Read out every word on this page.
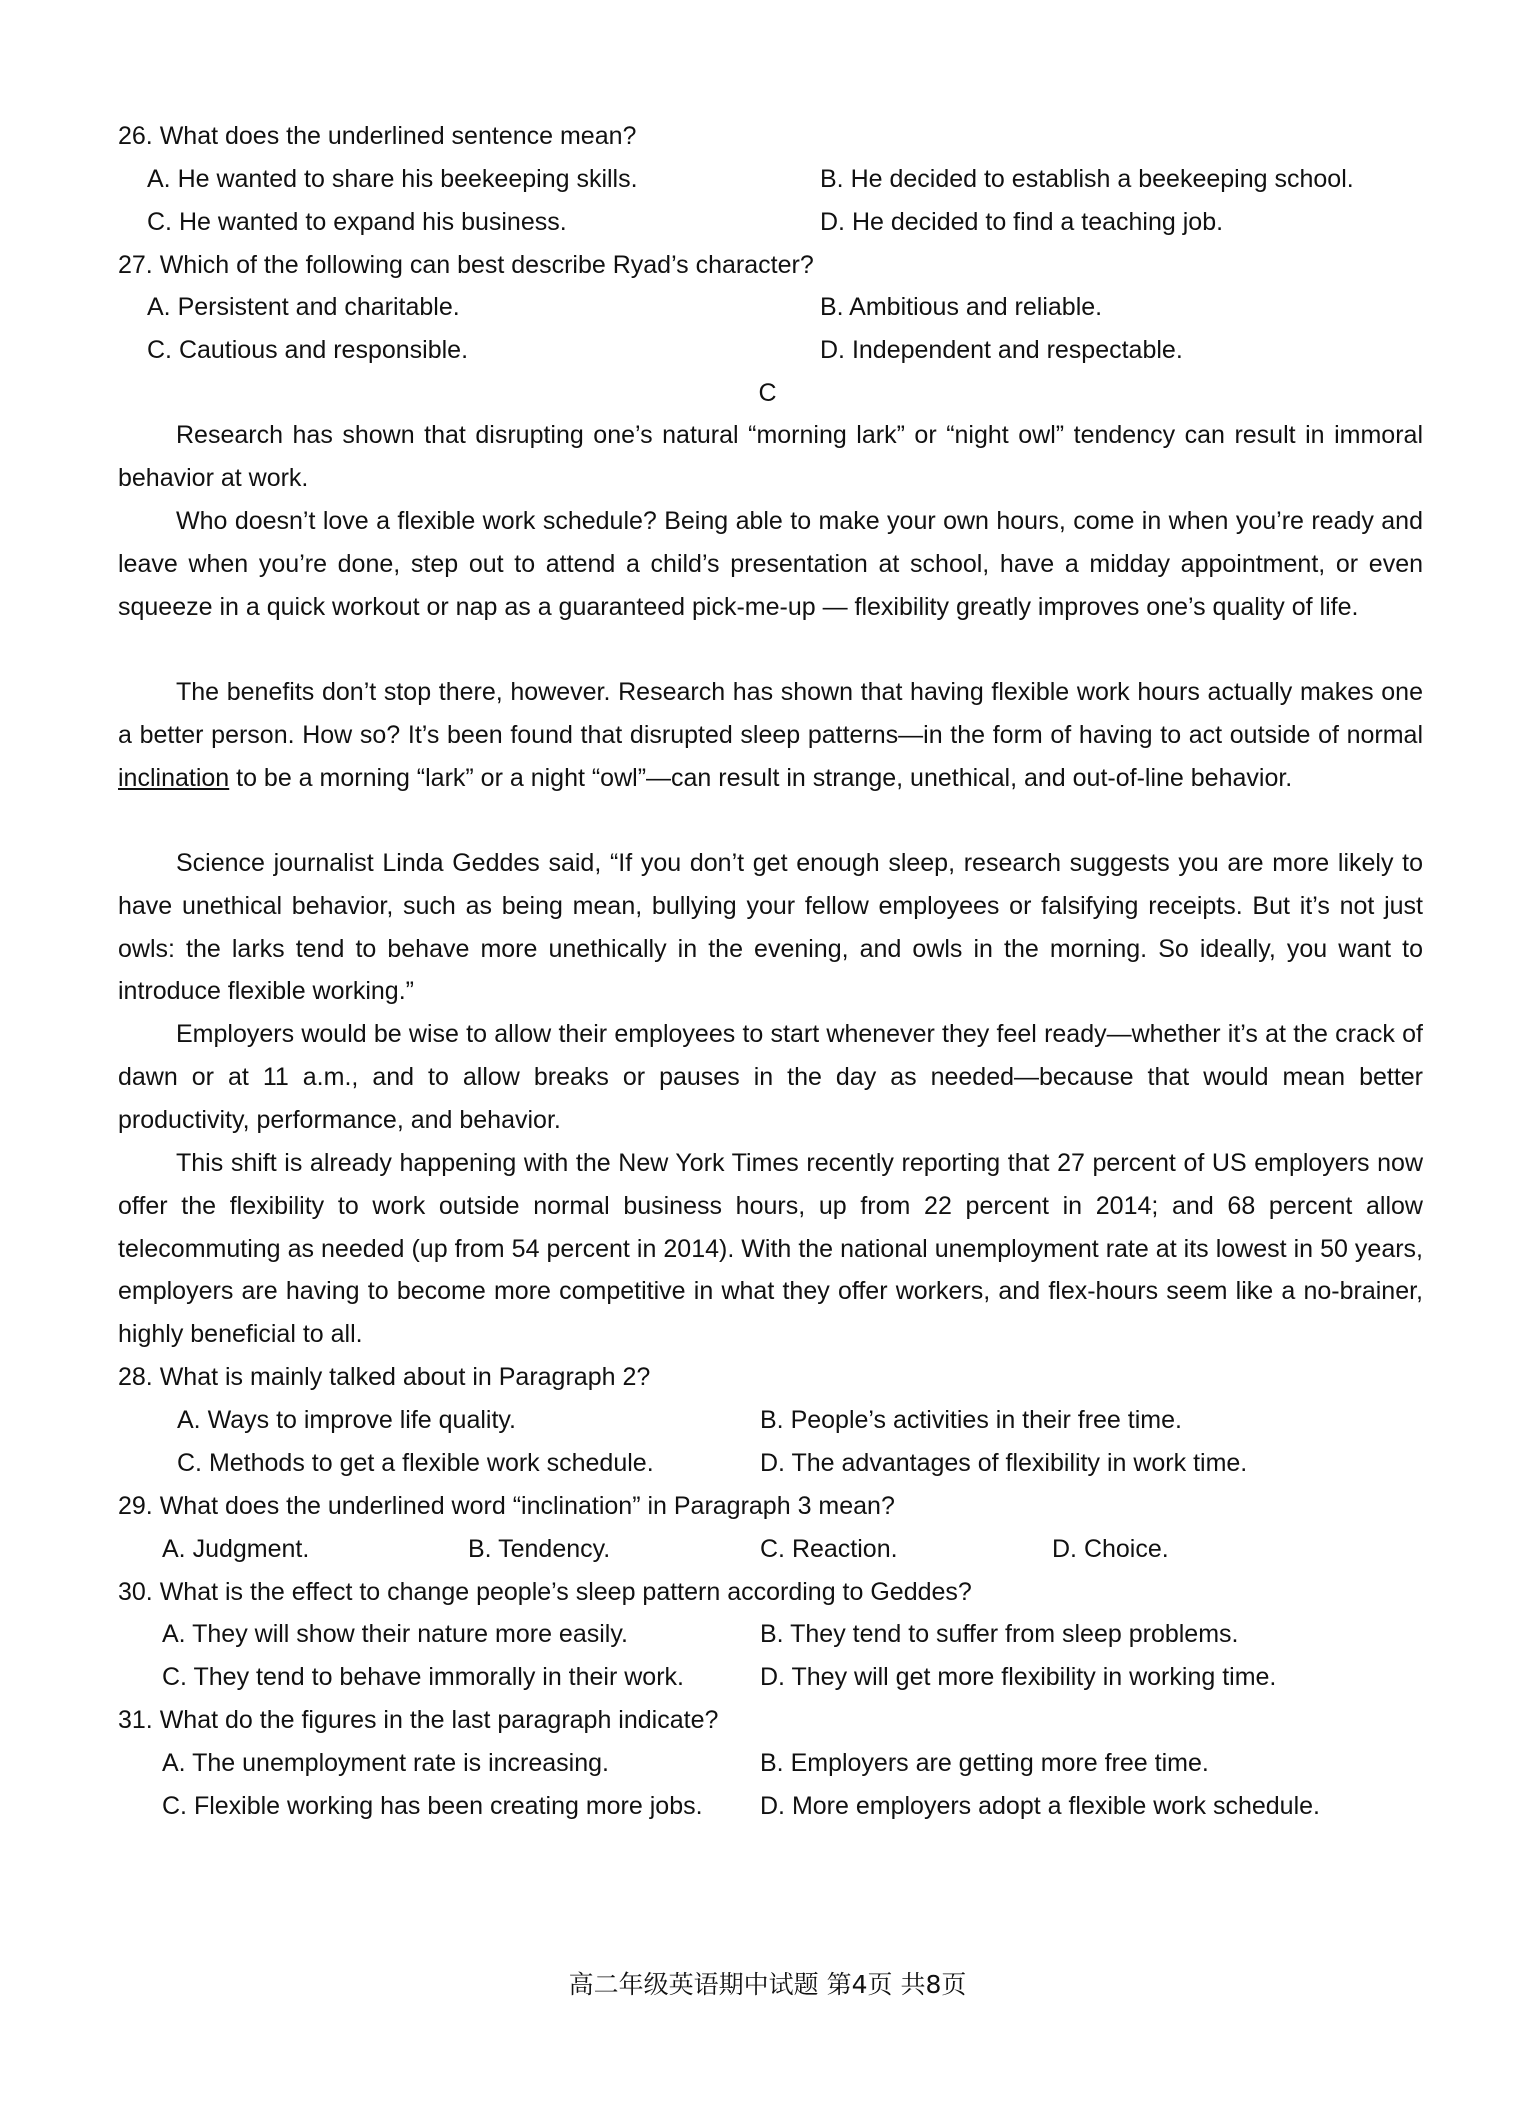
26. What does the underlined sentence mean?
A. He wanted to share his beekeeping skills.	B. He decided to establish a beekeeping school.
C. He wanted to expand his business.	D. He decided to find a teaching job.
27. Which of the following can best describe Ryad’s character?
A. Persistent and charitable.	B. Ambitious and reliable.
C. Cautious and responsible.	D. Independent and respectable.
C

Research has shown that disrupting one’s natural “morning lark” or “night owl” tendency can result in immoral behavior at work.

Who doesn’t love a flexible work schedule? Being able to make your own hours, come in when you’re ready and leave when you’re done, step out to attend a child’s presentation at school, have a midday appointment, or even squeeze in a quick workout or nap as a guaranteed pick-me-up — flexibility greatly improves one’s quality of life.

The benefits don’t stop there, however. Research has shown that having flexible work hours actually makes one a better person. How so? It’s been found that disrupted sleep patterns—in the form of having to act outside of normal inclination to be a morning “lark” or a night “owl”—can result in strange, unethical, and out-of-line behavior.

Science journalist Linda Geddes said, “If you don’t get enough sleep, research suggests you are more likely to have unethical behavior, such as being mean, bullying your fellow employees or falsifying receipts. But it’s not just owls: the larks tend to behave more unethically in the evening, and owls in the morning. So ideally, you want to introduce flexible working.”

Employers would be wise to allow their employees to start whenever they feel ready—whether it’s at the crack of dawn or at 11 a.m., and to allow breaks or pauses in the day as needed—because that would mean better productivity, performance, and behavior.

This shift is already happening with the New York Times recently reporting that 27 percent of US employers now offer the flexibility to work outside normal business hours, up from 22 percent in 2014; and 68 percent allow telecommuting as needed (up from 54 percent in 2014). With the national unemployment rate at its lowest in 50 years, employers are having to become more competitive in what they offer workers, and flex-hours seem like a no-brainer, highly beneficial to all.

28. What is mainly talked about in Paragraph 2?
A. Ways to improve life quality.	B. People’s activities in their free time.
C. Methods to get a flexible work schedule.	D. The advantages of flexibility in work time.
29. What does the underlined word “inclination” in Paragraph 3 mean?
A. Judgment.	B. Tendency.	C. Reaction.	D. Choice.
30. What is the effect to change people’s sleep pattern according to Geddes?
A. They will show their nature more easily.	B. They tend to suffer from sleep problems.
C. They tend to behave immorally in their work.	D. They will get more flexibility in working time.
31. What do the figures in the last paragraph indicate?
A. The unemployment rate is increasing.	B. Employers are getting more free time.
C. Flexible working has been creating more jobs. D. More employers adopt a flexible work schedule.
高二年级英语期中试题 第4页 共8页
